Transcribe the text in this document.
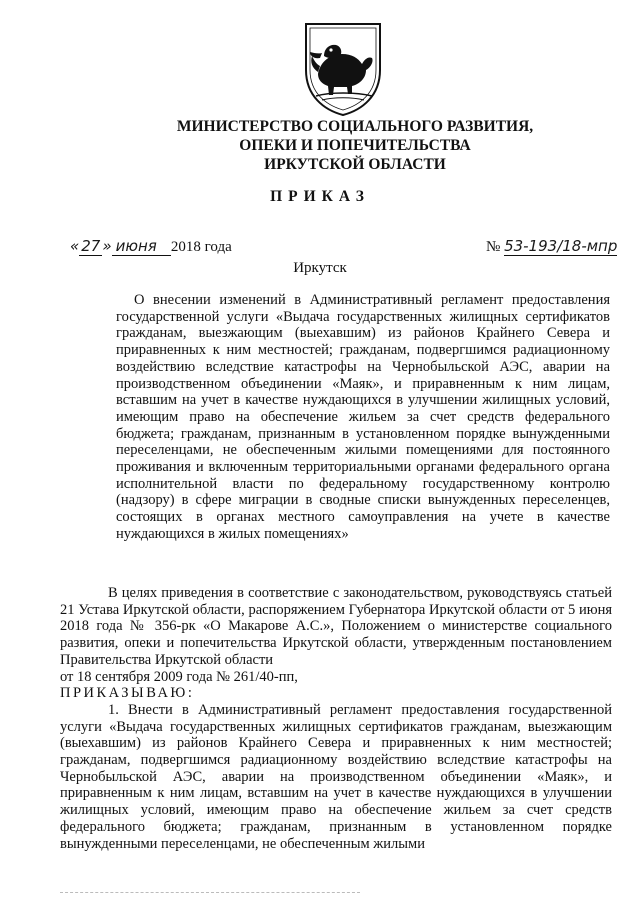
МИНИСТЕРСТВО СОЦИАЛЬНОГО РАЗВИТИЯ,
ОПЕКИ И ПОПЕЧИТЕЛЬСТВА
ИРКУТСКОЙ ОБЛАСТИ
ПРИКАЗ
« 27 » июня 2018 года	№ 53-193/18-мпр
Иркутск

О внесении изменений в Административный регламент предоставления государственной услуги «Выдача государственных жилищных сертификатов гражданам, выезжающим (выехавшим) из районов Крайнего Севера и приравненных к ним местностей; гражданам, подвергшимся радиационному воздействию вследствие катастрофы на Чернобыльской АЭС, аварии на производственном объединении «Маяк», и приравненным к ним лицам, вставшим на учет в качестве нуждающихся в улучшении жилищных условий, имеющим право на обеспечение жильем за счет средств федерального бюджета; гражданам, признанным в установленном порядке вынужденными переселенцами, не обеспеченным жилыми помещениями для постоянного проживания и включенным территориальными органами федерального органа исполнительной власти по федеральному государственному контролю (надзору) в сфере миграции в сводные списки вынужденных переселенцев, состоящих в органах местного самоуправления на учете в качестве нуждающихся в жилых помещениях»

В целях приведения в соответствие с законодательством, руководствуясь статьей 21 Устава Иркутской области, распоряжением Губернатора Иркутской области от 5 июня 2018 года № 356-рк «О Макарове А.С.», Положением о министерстве социального развития, опеки и попечительства Иркутской области, утвержденным постановлением Правительства Иркутской области

от 18 сентября 2009 года № 261/40-пп,

ПРИКАЗЫВАЮ:

1. Внести в Административный регламент предоставления государственной услуги «Выдача государственных жилищных сертификатов гражданам, выезжающим (выехавшим) из районов Крайнего Севера и приравненных к ним местностей; гражданам, подвергшимся радиационному воздействию вследствие катастрофы на Чернобыльской АЭС, аварии на производственном объединении «Маяк», и приравненным к ним лицам, вставшим на учет в качестве нуждающихся в улучшении жилищных условий, имеющим право на обеспечение жильем за счет средств федерального бюджета; гражданам, признанным в установленном порядке вынужденными переселенцами, не обеспеченным жилыми
